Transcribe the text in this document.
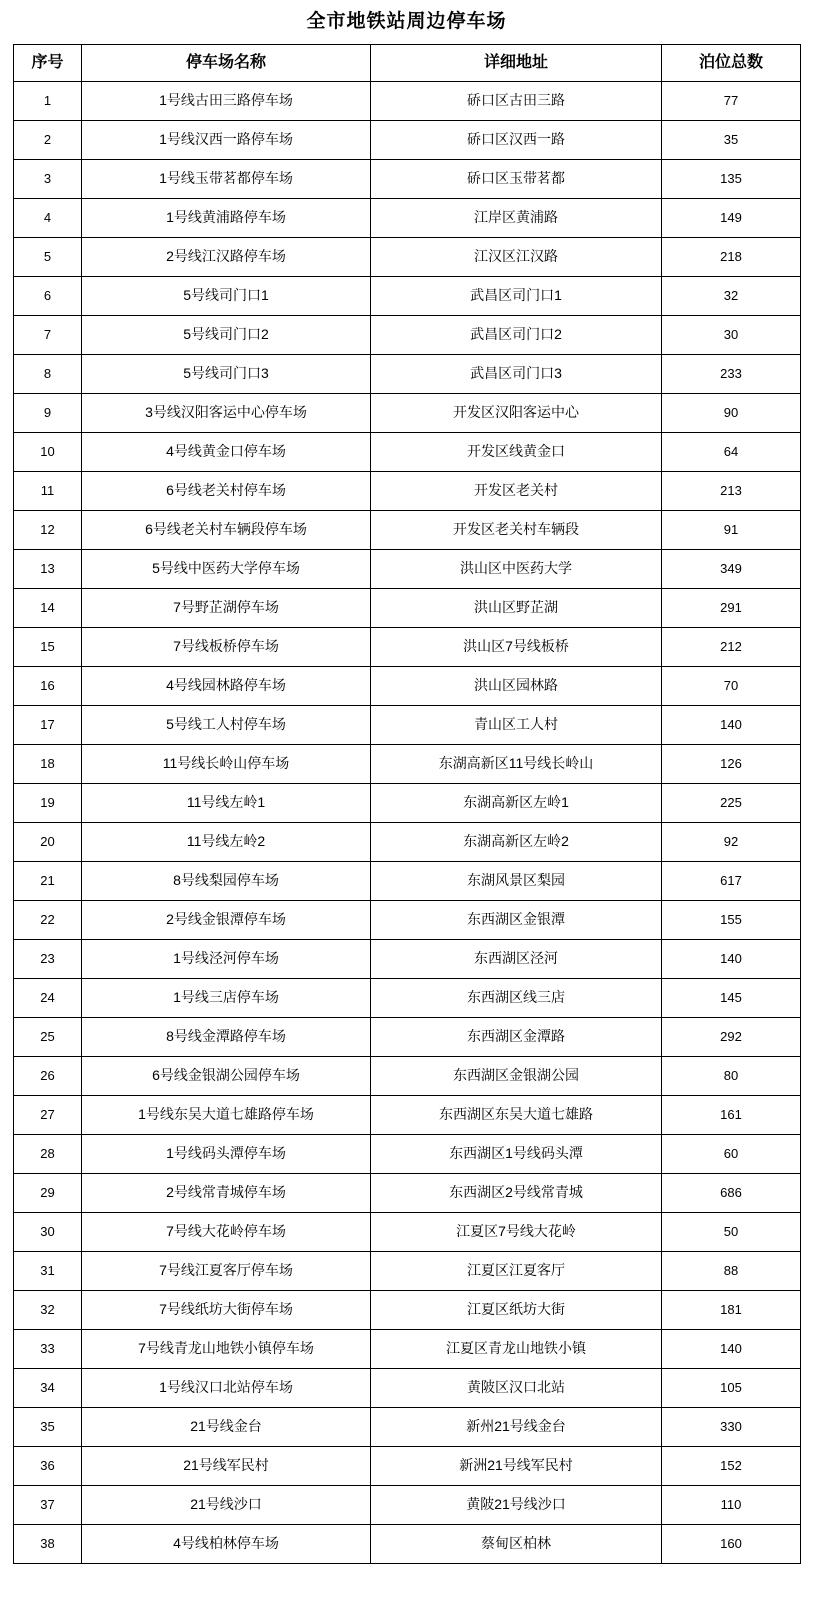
全市地铁站周边停车场
序号	停车场名称	详细地址	泊位总数
1	1号线古田三路停车场	硚口区古田三路	77
2	1号线汉西一路停车场	硚口区汉西一路	35
3	1号线玉带茗都停车场	硚口区玉带茗都	135
4	1号线黄浦路停车场	江岸区黄浦路	149
5	2号线江汉路停车场	江汉区江汉路	218
6	5号线司门口1	武昌区司门口1	32
7	5号线司门口2	武昌区司门口2	30
8	5号线司门口3	武昌区司门口3	233
9	3号线汉阳客运中心停车场	开发区汉阳客运中心	90
10	4号线黄金口停车场	开发区线黄金口	64
11	6号线老关村停车场	开发区老关村	213
12	6号线老关村车辆段停车场	开发区老关村车辆段	91
13	5号线中医药大学停车场	洪山区中医药大学	349
14	7号野芷湖停车场	洪山区野芷湖	291
15	7号线板桥停车场	洪山区7号线板桥	212
16	4号线园林路停车场	洪山区园林路	70
17	5号线工人村停车场	青山区工人村	140
18	11号线长岭山停车场	东湖高新区11号线长岭山	126
19	11号线左岭1	东湖高新区左岭1	225
20	11号线左岭2	东湖高新区左岭2	92
21	8号线梨园停车场	东湖风景区梨园	617
22	2号线金银潭停车场	东西湖区金银潭	155
23	1号线泾河停车场	东西湖区泾河	140
24	1号线三店停车场	东西湖区线三店	145
25	8号线金潭路停车场	东西湖区金潭路	292
26	6号线金银湖公园停车场	东西湖区金银湖公园	80
27	1号线东吴大道七雄路停车场	东西湖区东吴大道七雄路	161
28	1号线码头潭停车场	东西湖区1号线码头潭	60
29	2号线常青城停车场	东西湖区2号线常青城	686
30	7号线大花岭停车场	江夏区7号线大花岭	50
31	7号线江夏客厅停车场	江夏区江夏客厅	88
32	7号线纸坊大街停车场	江夏区纸坊大街	181
33	7号线青龙山地铁小镇停车场	江夏区青龙山地铁小镇	140
34	1号线汉口北站停车场	黄陂区汉口北站	105
35	21号线金台	新州21号线金台	330
36	21号线军民村	新洲21号线军民村	152
37	21号线沙口	黄陂21号线沙口	110
38	4号线柏林停车场	蔡甸区柏林	160
